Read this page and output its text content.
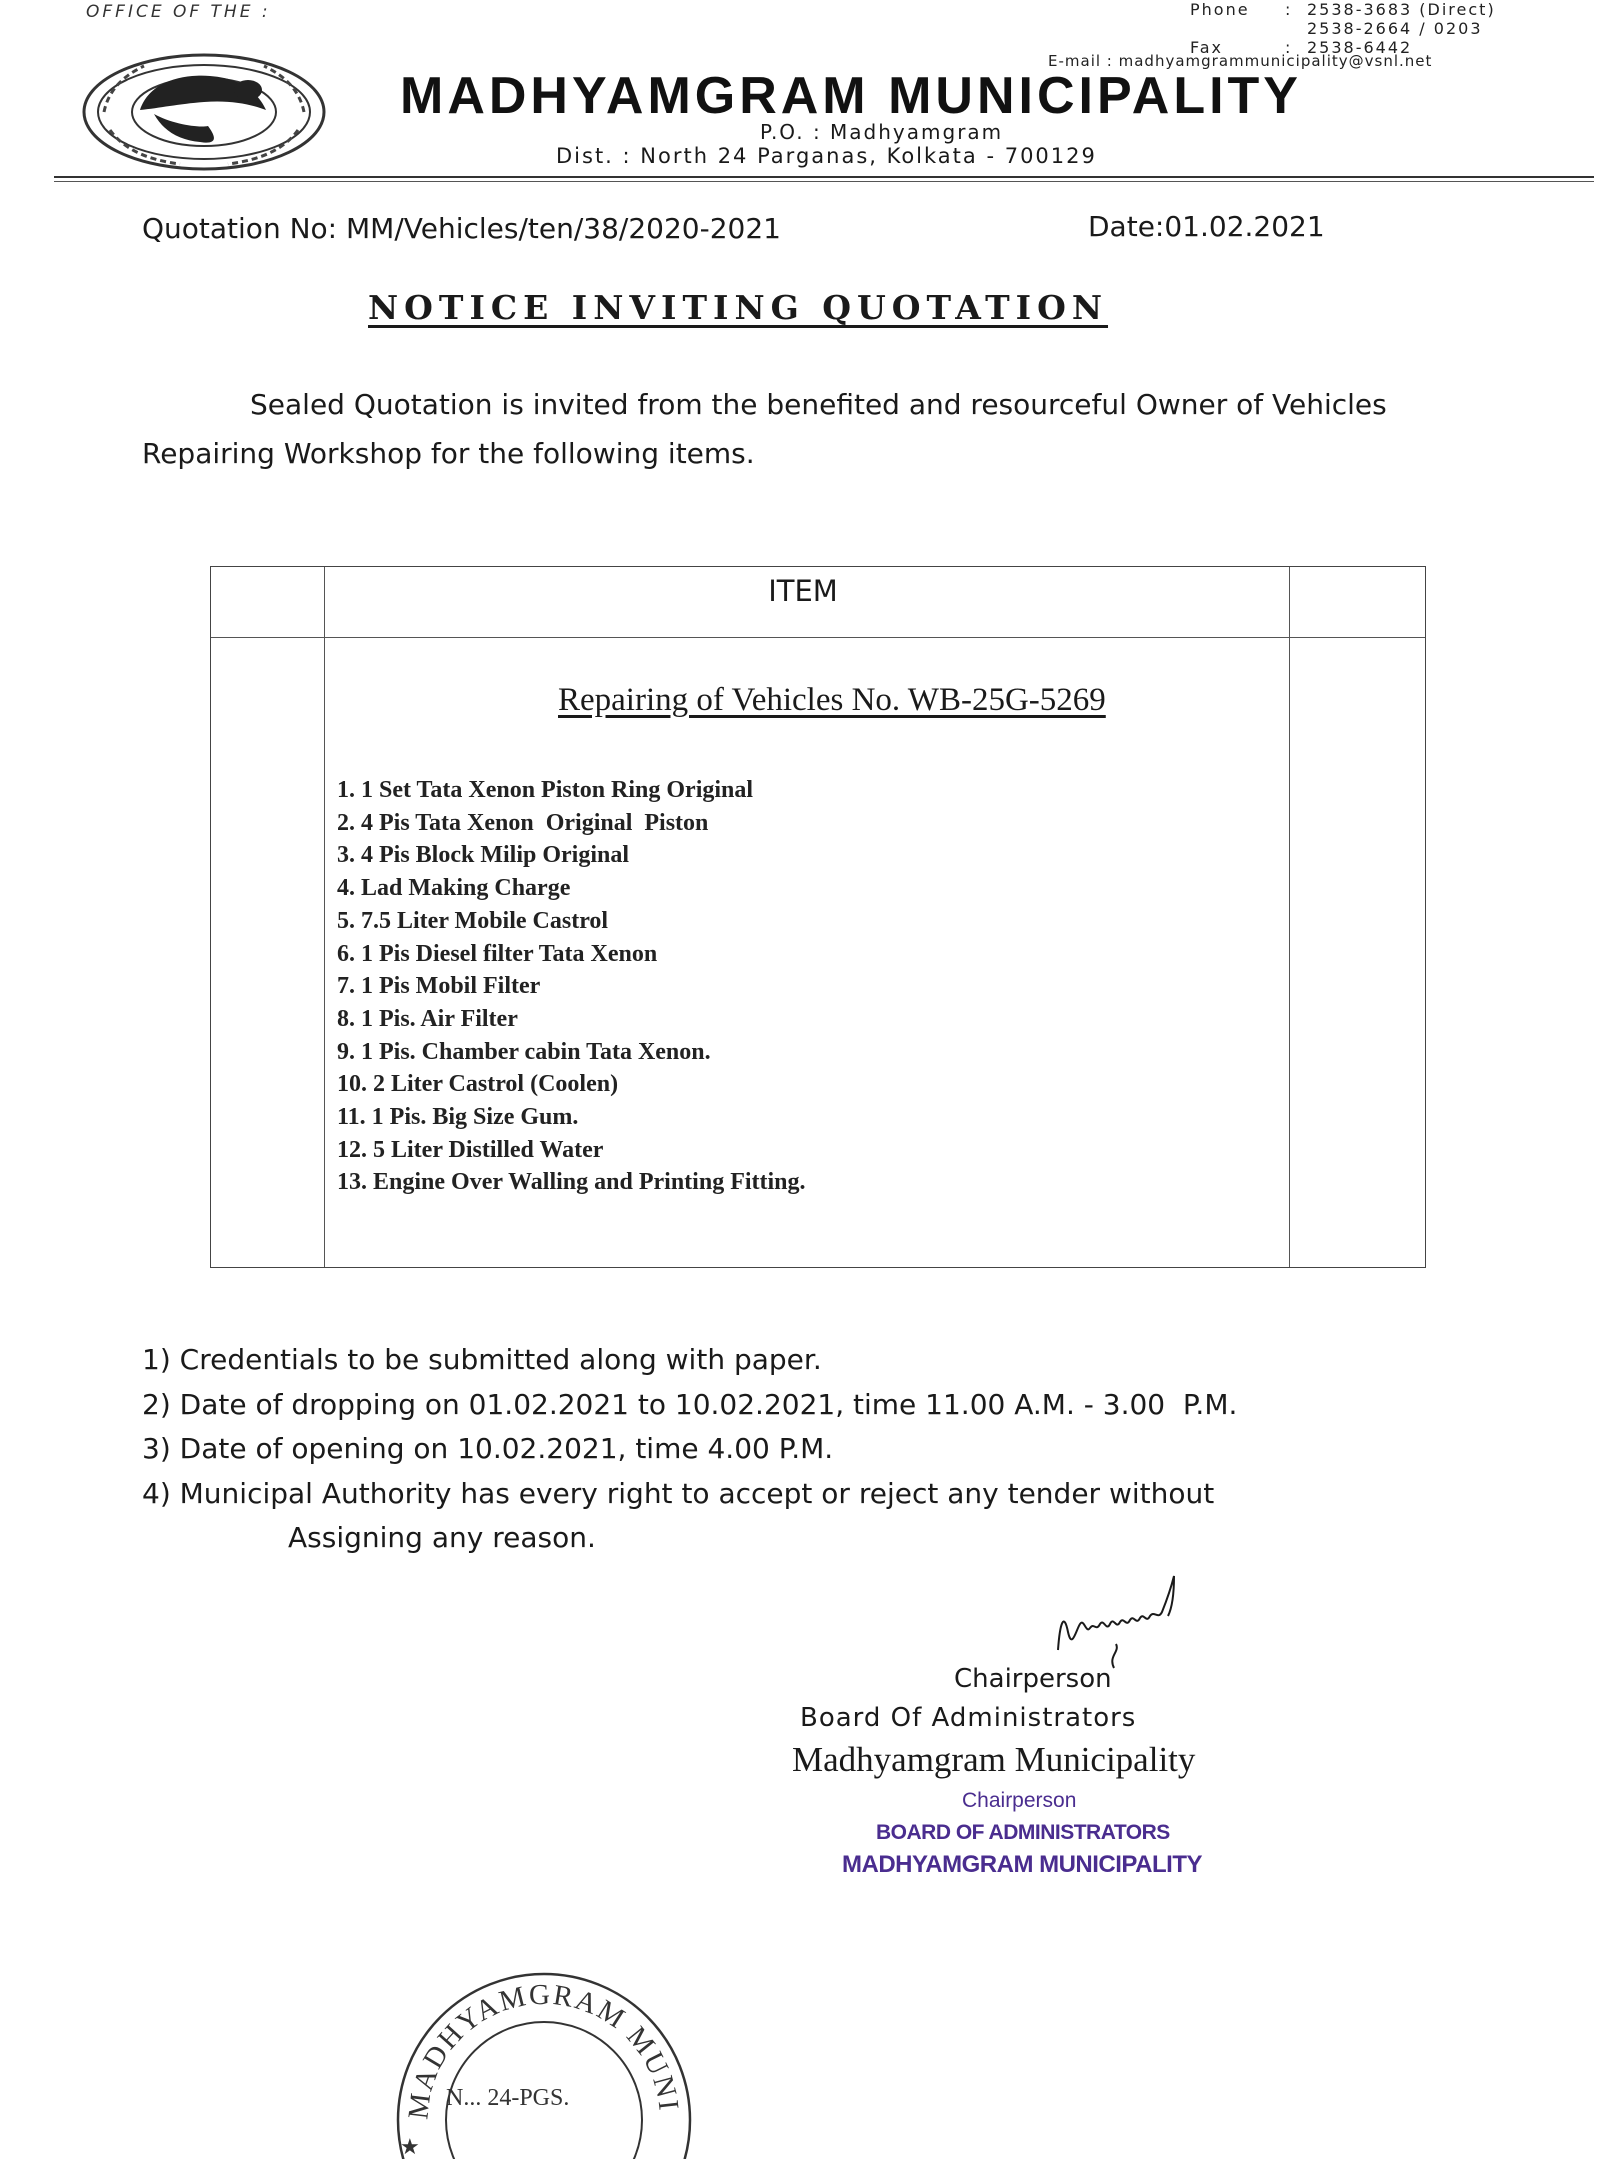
OFFICE OF THE :	Phone	: 2538-3683 (Direct)
2538-2664 / 0203
Fax	: 2538-6442
E-mail : madhyamgrammunicipality@vsnl.net
MADHYAMGRAM MUNICIPALITY
P.O. : Madhyamgram
Dist. : North 24 Parganas, Kolkata - 700129
Quotation No: MM/Vehicles/ten/38/2020-2021	Date:01.02.2021
NOTICE INVITING QUOTATION
Sealed Quotation is invited from the benefited and resourceful Owner of Vehicles Repairing Workshop for the following items.
ITEM
Repairing of Vehicles No. WB-25G-5269
1. 1 Set Tata Xenon Piston Ring Original
2. 4 Pis Tata Xenon  Original  Piston
3. 4 Pis Block Milip Original
4. Lad Making Charge
5. 7.5 Liter Mobile Castrol
6. 1 Pis Diesel filter Tata Xenon
7. 1 Pis Mobil Filter
8. 1 Pis. Air Filter
9. 1 Pis. Chamber cabin Tata Xenon.
10. 2 Liter Castrol (Coolen)
11. 1 Pis. Big Size Gum.
12. 5 Liter Distilled Water
13. Engine Over Walling and Printing Fitting.
1) Credentials to be submitted along with paper.
2) Date of dropping on 01.02.2021 to 10.02.2021, time 11.00 A.M. - 3.00  P.M.
3) Date of opening on 10.02.2021, time 4.00 P.M.
4) Municipal Authority has every right to accept or reject any tender without
Assigning any reason.
Chairperson
Board Of Administrators
Madhyamgram Municipality
Chairperson
BOARD OF ADMINISTRATORS
MADHYAMGRAM MUNICIPALITY
MADHYAMGRAM MUNI
N... 24-PGS.
★
